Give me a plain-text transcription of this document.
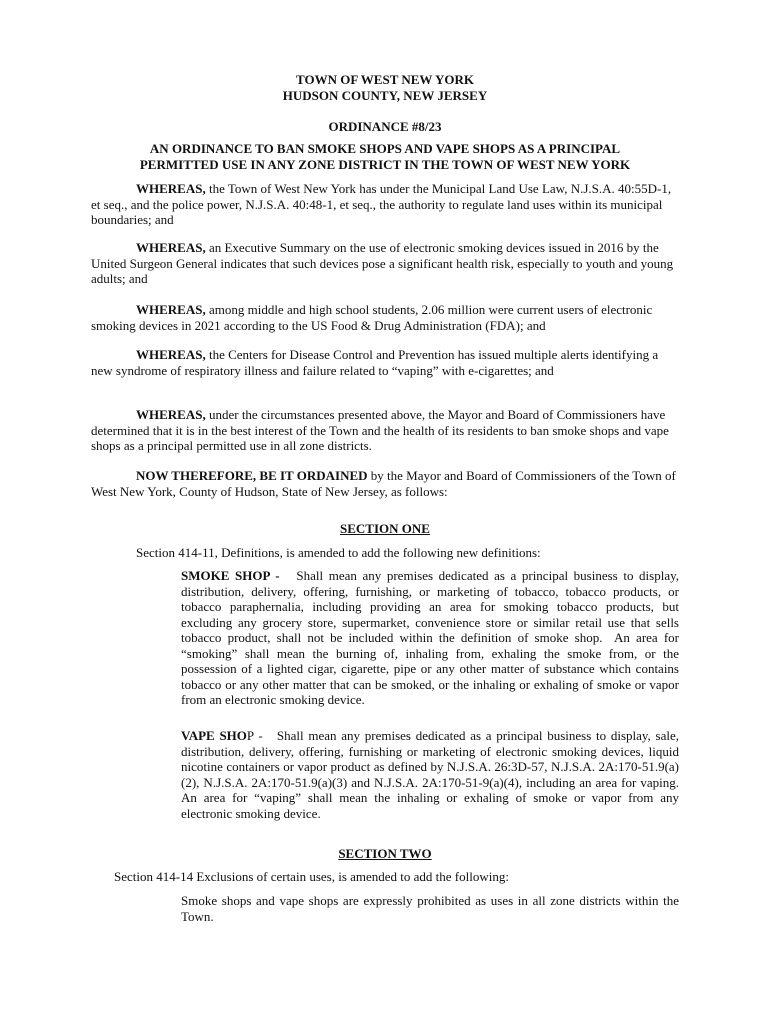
TOWN OF WEST NEW YORK
HUDSON COUNTY, NEW JERSEY
ORDINANCE #8/23
AN ORDINANCE TO BAN SMOKE SHOPS AND VAPE SHOPS AS A PRINCIPAL
PERMITTED USE IN ANY ZONE DISTRICT IN THE TOWN OF WEST NEW YORK
WHEREAS, the Town of West New York has under the Municipal Land Use Law, N.J.S.A. 40:55D-1, et seq., and the police power, N.J.S.A. 40:48-1, et seq., the authority to regulate land uses within its municipal boundaries; and
WHEREAS, an Executive Summary on the use of electronic smoking devices issued in 2016 by the United Surgeon General indicates that such devices pose a significant health risk, especially to youth and young adults; and
WHEREAS, among middle and high school students, 2.06 million were current users of electronic smoking devices in 2021 according to the US Food & Drug Administration (FDA); and
WHEREAS, the Centers for Disease Control and Prevention has issued multiple alerts identifying a new syndrome of respiratory illness and failure related to “vaping” with e-cigarettes; and
WHEREAS, under the circumstances presented above, the Mayor and Board of Commissioners have determined that it is in the best interest of the Town and the health of its residents to ban smoke shops and vape shops as a principal permitted use in all zone districts.
NOW THEREFORE, BE IT ORDAINED by the Mayor and Board of Commissioners of the Town of West New York, County of Hudson, State of New Jersey, as follows:
SECTION ONE
Section 414-11, Definitions, is amended to add the following new definitions:
SMOKE SHOP -   Shall mean any premises dedicated as a principal business to display, distribution, delivery, offering, furnishing, or marketing of tobacco, tobacco products, or tobacco paraphernalia, including providing an area for smoking tobacco products, but excluding any grocery store, supermarket, convenience store or similar retail use that sells tobacco product, shall not be included within the definition of smoke shop.  An area for “smoking” shall mean the burning of, inhaling from, exhaling the smoke from, or the possession of a lighted cigar, cigarette, pipe or any other matter of substance which contains tobacco or any other matter that can be smoked, or the inhaling or exhaling of smoke or vapor from an electronic smoking device.
VAPE SHOP -   Shall mean any premises dedicated as a principal business to display, sale, distribution, delivery, offering, furnishing or marketing of electronic smoking devices, liquid nicotine containers or vapor product as defined by N.J.S.A. 26:3D-57, N.J.S.A. 2A:170-51.9(a)(2), N.J.S.A. 2A:170-51.9(a)(3) and N.J.S.A. 2A:170-51-9(a)(4), including an area for vaping.  An area for “vaping” shall mean the inhaling or exhaling of smoke or vapor from any electronic smoking device.
SECTION TWO
Section 414-14 Exclusions of certain uses, is amended to add the following:
Smoke shops and vape shops are expressly prohibited as uses in all zone districts within the Town.
